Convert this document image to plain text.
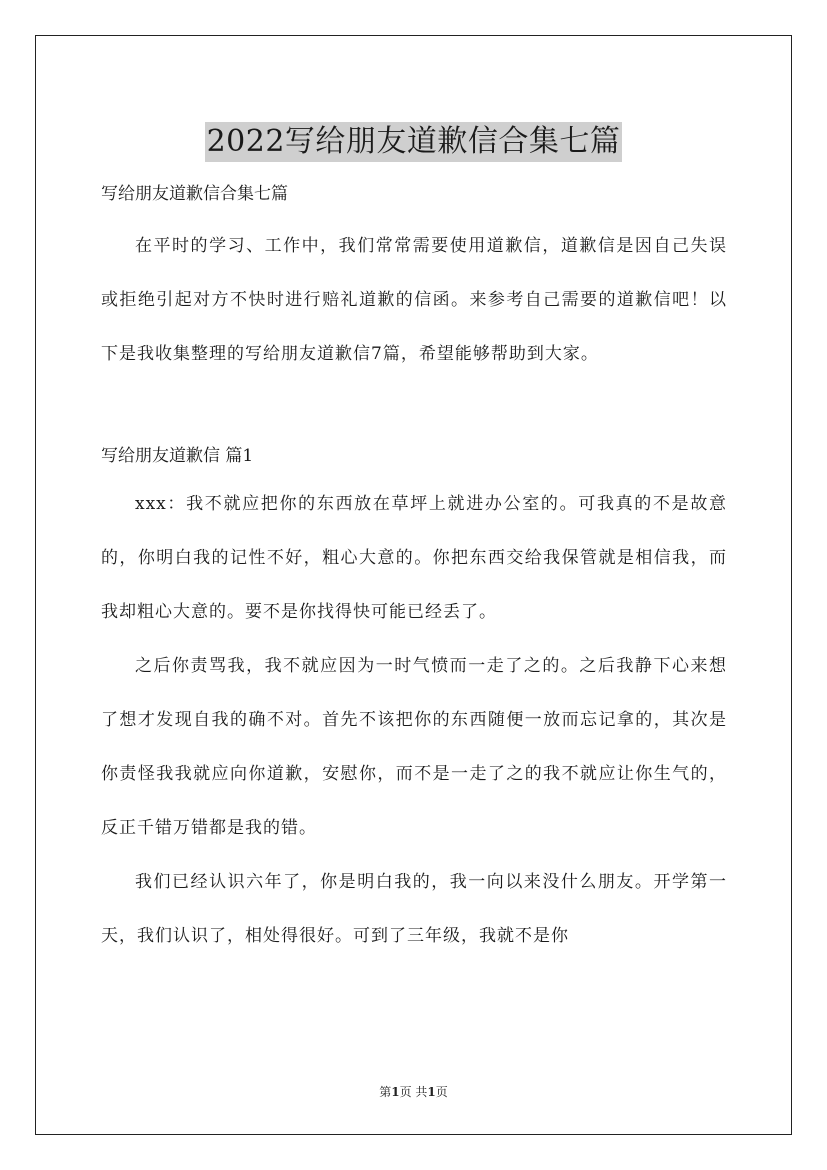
2022写给朋友道歉信合集七篇

写给朋友道歉信合集七篇

在平时的学习、工作中，我们常常需要使用道歉信，道歉信是因自己失误或拒绝引起对方不快时进行赔礼道歉的信函。来参考自己需要的道歉信吧！以下是我收集整理的写给朋友道歉信7篇，希望能够帮助到大家。

写给朋友道歉信 篇1

xxx：我不就应把你的东西放在草坪上就进办公室的。可我真的不是故意的，你明白我的记性不好，粗心大意的。你把东西交给我保管就是相信我，而我却粗心大意的。要不是你找得快可能已经丢了。

之后你责骂我，我不就应因为一时气愤而一走了之的。之后我静下心来想了想才发现自我的确不对。首先不该把你的东西随便一放而忘记拿的，其次是你责怪我我就应向你道歉，安慰你，而不是一走了之的我不就应让你生气的，反正千错万错都是我的错。

我们已经认识六年了，你是明白我的，我一向以来没什么朋友。开学第一天，我们认识了，相处得很好。可到了三年级，我就不是你

第1页 共1页
